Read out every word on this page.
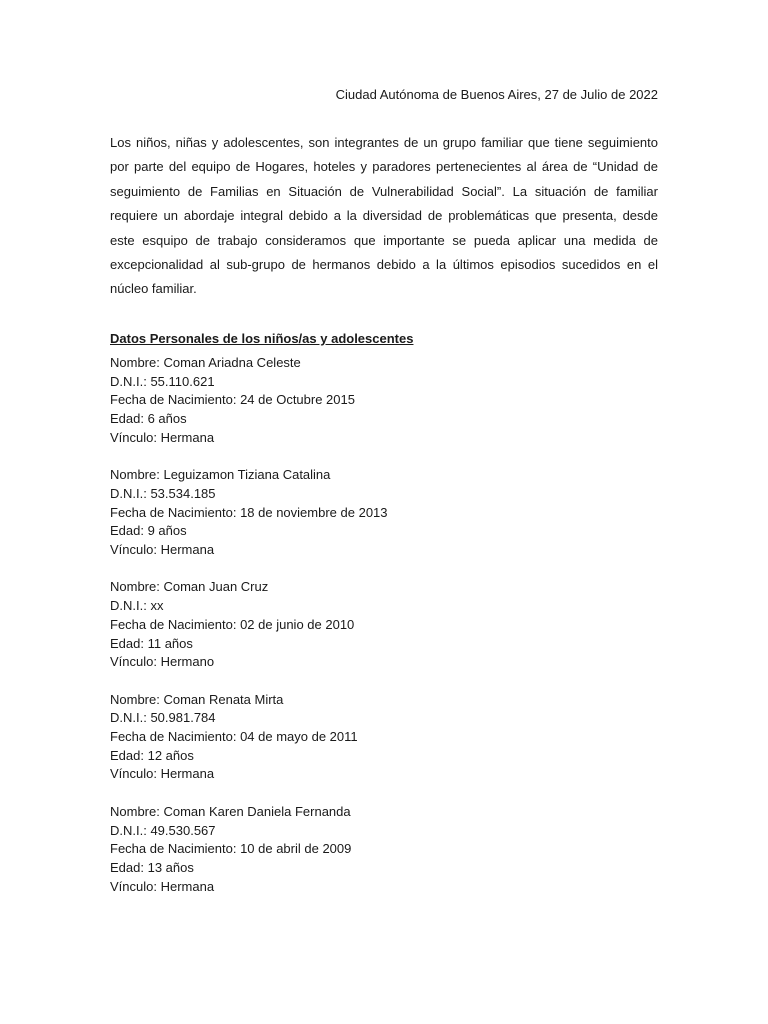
Ciudad Autónoma de Buenos Aires, 27 de Julio de 2022

Los niños, niñas y adolescentes, son integrantes de un grupo familiar que tiene seguimiento por parte del equipo de Hogares, hoteles y paradores pertenecientes al área de “Unidad de seguimiento de Familias en Situación de Vulnerabilidad Social”. La situación de familiar requiere un abordaje integral debido a la diversidad de problemáticas que presenta, desde este esquipo de trabajo consideramos que importante se pueda aplicar una medida de excepcionalidad al sub-grupo de hermanos debido a la últimos episodios sucedidos en el núcleo familiar.

Datos Personales de los niños/as y adolescentes
Nombre: Coman Ariadna Celeste
D.N.I.: 55.110.621
Fecha de Nacimiento: 24 de Octubre 2015
Edad: 6 años
Vínculo: Hermana
Nombre: Leguizamon Tiziana Catalina
D.N.I.: 53.534.185
Fecha de Nacimiento: 18 de noviembre de 2013
Edad: 9 años
Vínculo: Hermana
Nombre: Coman Juan Cruz
D.N.I.: xx
Fecha de Nacimiento: 02 de junio de 2010
Edad: 11 años
Vínculo: Hermano
Nombre: Coman Renata Mirta
D.N.I.: 50.981.784
Fecha de Nacimiento: 04 de mayo de 2011
Edad: 12 años
Vínculo: Hermana
Nombre: Coman Karen Daniela Fernanda
D.N.I.: 49.530.567
Fecha de Nacimiento: 10 de abril de 2009
Edad: 13 años
Vínculo: Hermana
